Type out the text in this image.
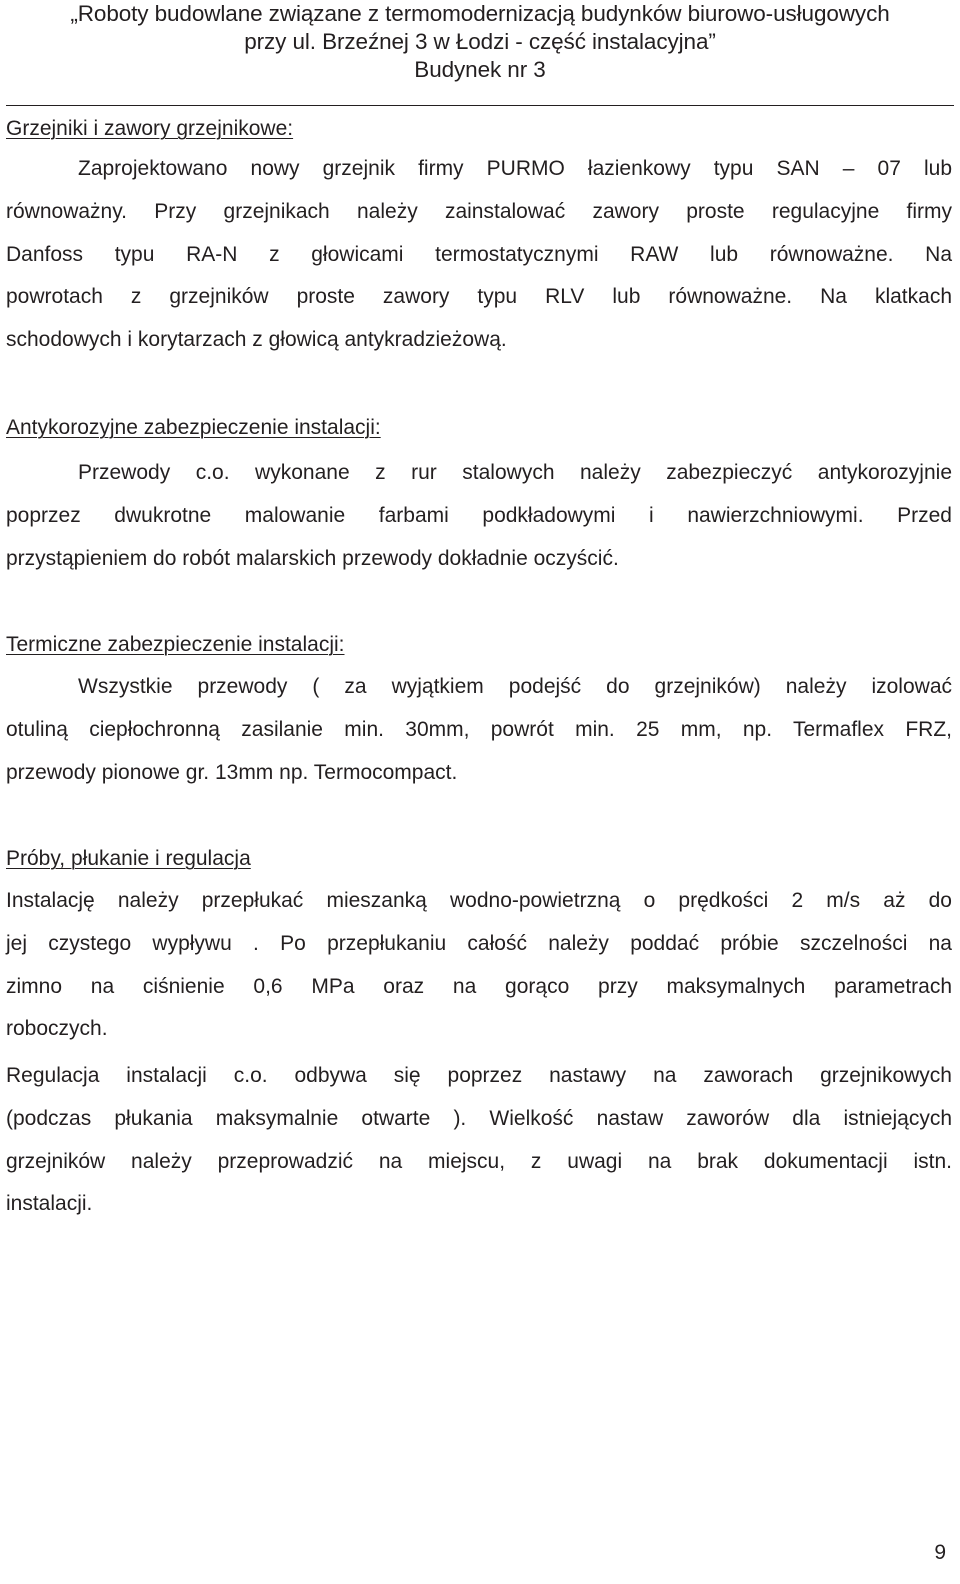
„Roboty budowlane związane z termomodernizacją budynków biurowo-usługowych
przy ul. Brzeźnej 3 w Łodzi - część instalacyjna”
Budynek nr 3
Grzejniki i zawory grzejnikowe:
Zaprojektowano nowy grzejnik firmy PURMO łazienkowy typu SAN – 07 lub
równoważny. Przy grzejnikach należy zainstalować zawory proste regulacyjne firmy
Danfoss typu RA-N z głowicami termostatycznymi RAW lub równoważne. Na
powrotach z grzejników proste zawory typu RLV lub równoważne. Na klatkach
schodowych i korytarzach z głowicą antykradzieżową.
Antykorozyjne zabezpieczenie instalacji:
Przewody c.o. wykonane z rur stalowych należy zabezpieczyć antykorozyjnie
poprzez dwukrotne malowanie farbami podkładowymi i nawierzchniowymi. Przed
przystąpieniem do robót malarskich przewody dokładnie oczyścić.
Termiczne zabezpieczenie instalacji:
Wszystkie przewody ( za wyjątkiem podejść do grzejników) należy izolować
otuliną ciepłochronną zasilanie min. 30mm, powrót min. 25 mm, np. Termaflex FRZ,
przewody pionowe gr. 13mm np. Termocompact.
Próby, płukanie i regulacja
Instalację należy przepłukać mieszanką wodno-powietrzną o prędkości 2 m/s aż do
jej czystego wypływu . Po przepłukaniu całość należy poddać próbie szczelności na
zimno na ciśnienie 0,6 MPa oraz na gorąco przy maksymalnych parametrach
roboczych.
Regulacja instalacji c.o. odbywa się poprzez nastawy na zaworach grzejnikowych
(podczas płukania maksymalnie otwarte ). Wielkość nastaw zaworów dla istniejących
grzejników należy przeprowadzić na miejscu, z uwagi na brak dokumentacji istn.
instalacji.
9
